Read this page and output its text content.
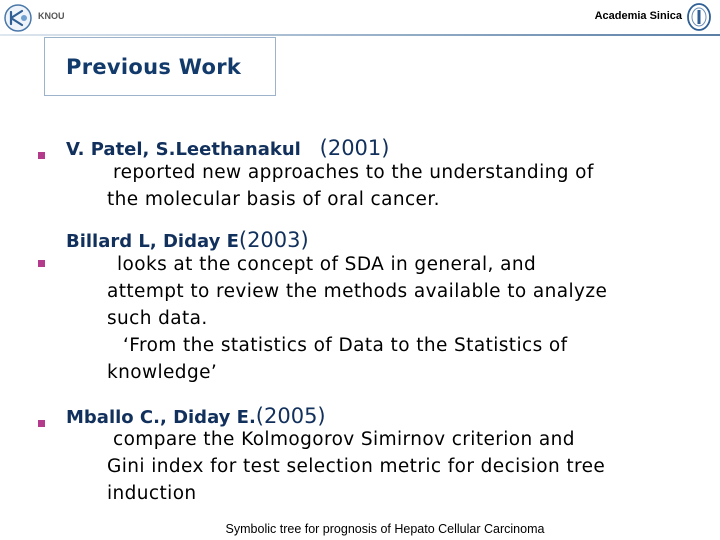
KNOU	Academia Sinica
Previous Work
V. Patel, S.Leethanakul (2001)
reported new approaches to the understanding of
the molecular basis of oral cancer.
Billard L, Diday E(2003)
looks at the concept of SDA in general, and
attempt to review the methods available to analyze
such data.
‘From the statistics of Data to the Statistics of
knowledge’
Mballo C., Diday E.(2005)
compare the Kolmogorov Simirnov criterion and
Gini index for test selection metric for decision tree
induction
Symbolic tree for prognosis of Hepato Cellular Carcinoma
